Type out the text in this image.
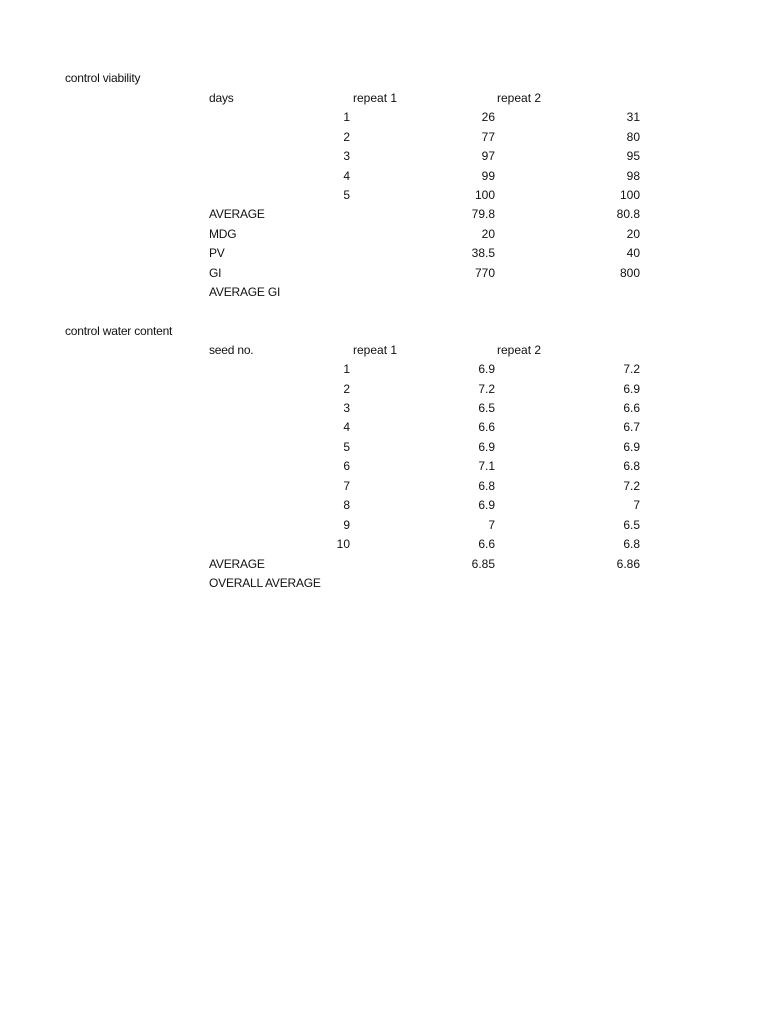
control viability
days	repeat 1	repeat 2
1	26	31
2	77	80
3	97	95
4	99	98
5	100	100
AVERAGE	79.8	80.8
MDG	20	20
PV	38.5	40
GI	770	800
AVERAGE GI
control water content
seed no.	repeat 1	repeat 2
1	6.9	7.2
2	7.2	6.9
3	6.5	6.6
4	6.6	6.7
5	6.9	6.9
6	7.1	6.8
7	6.8	7.2
8	6.9	7
9	7	6.5
10	6.6	6.8
AVERAGE	6.85	6.86
OVERALL AVERAGE
